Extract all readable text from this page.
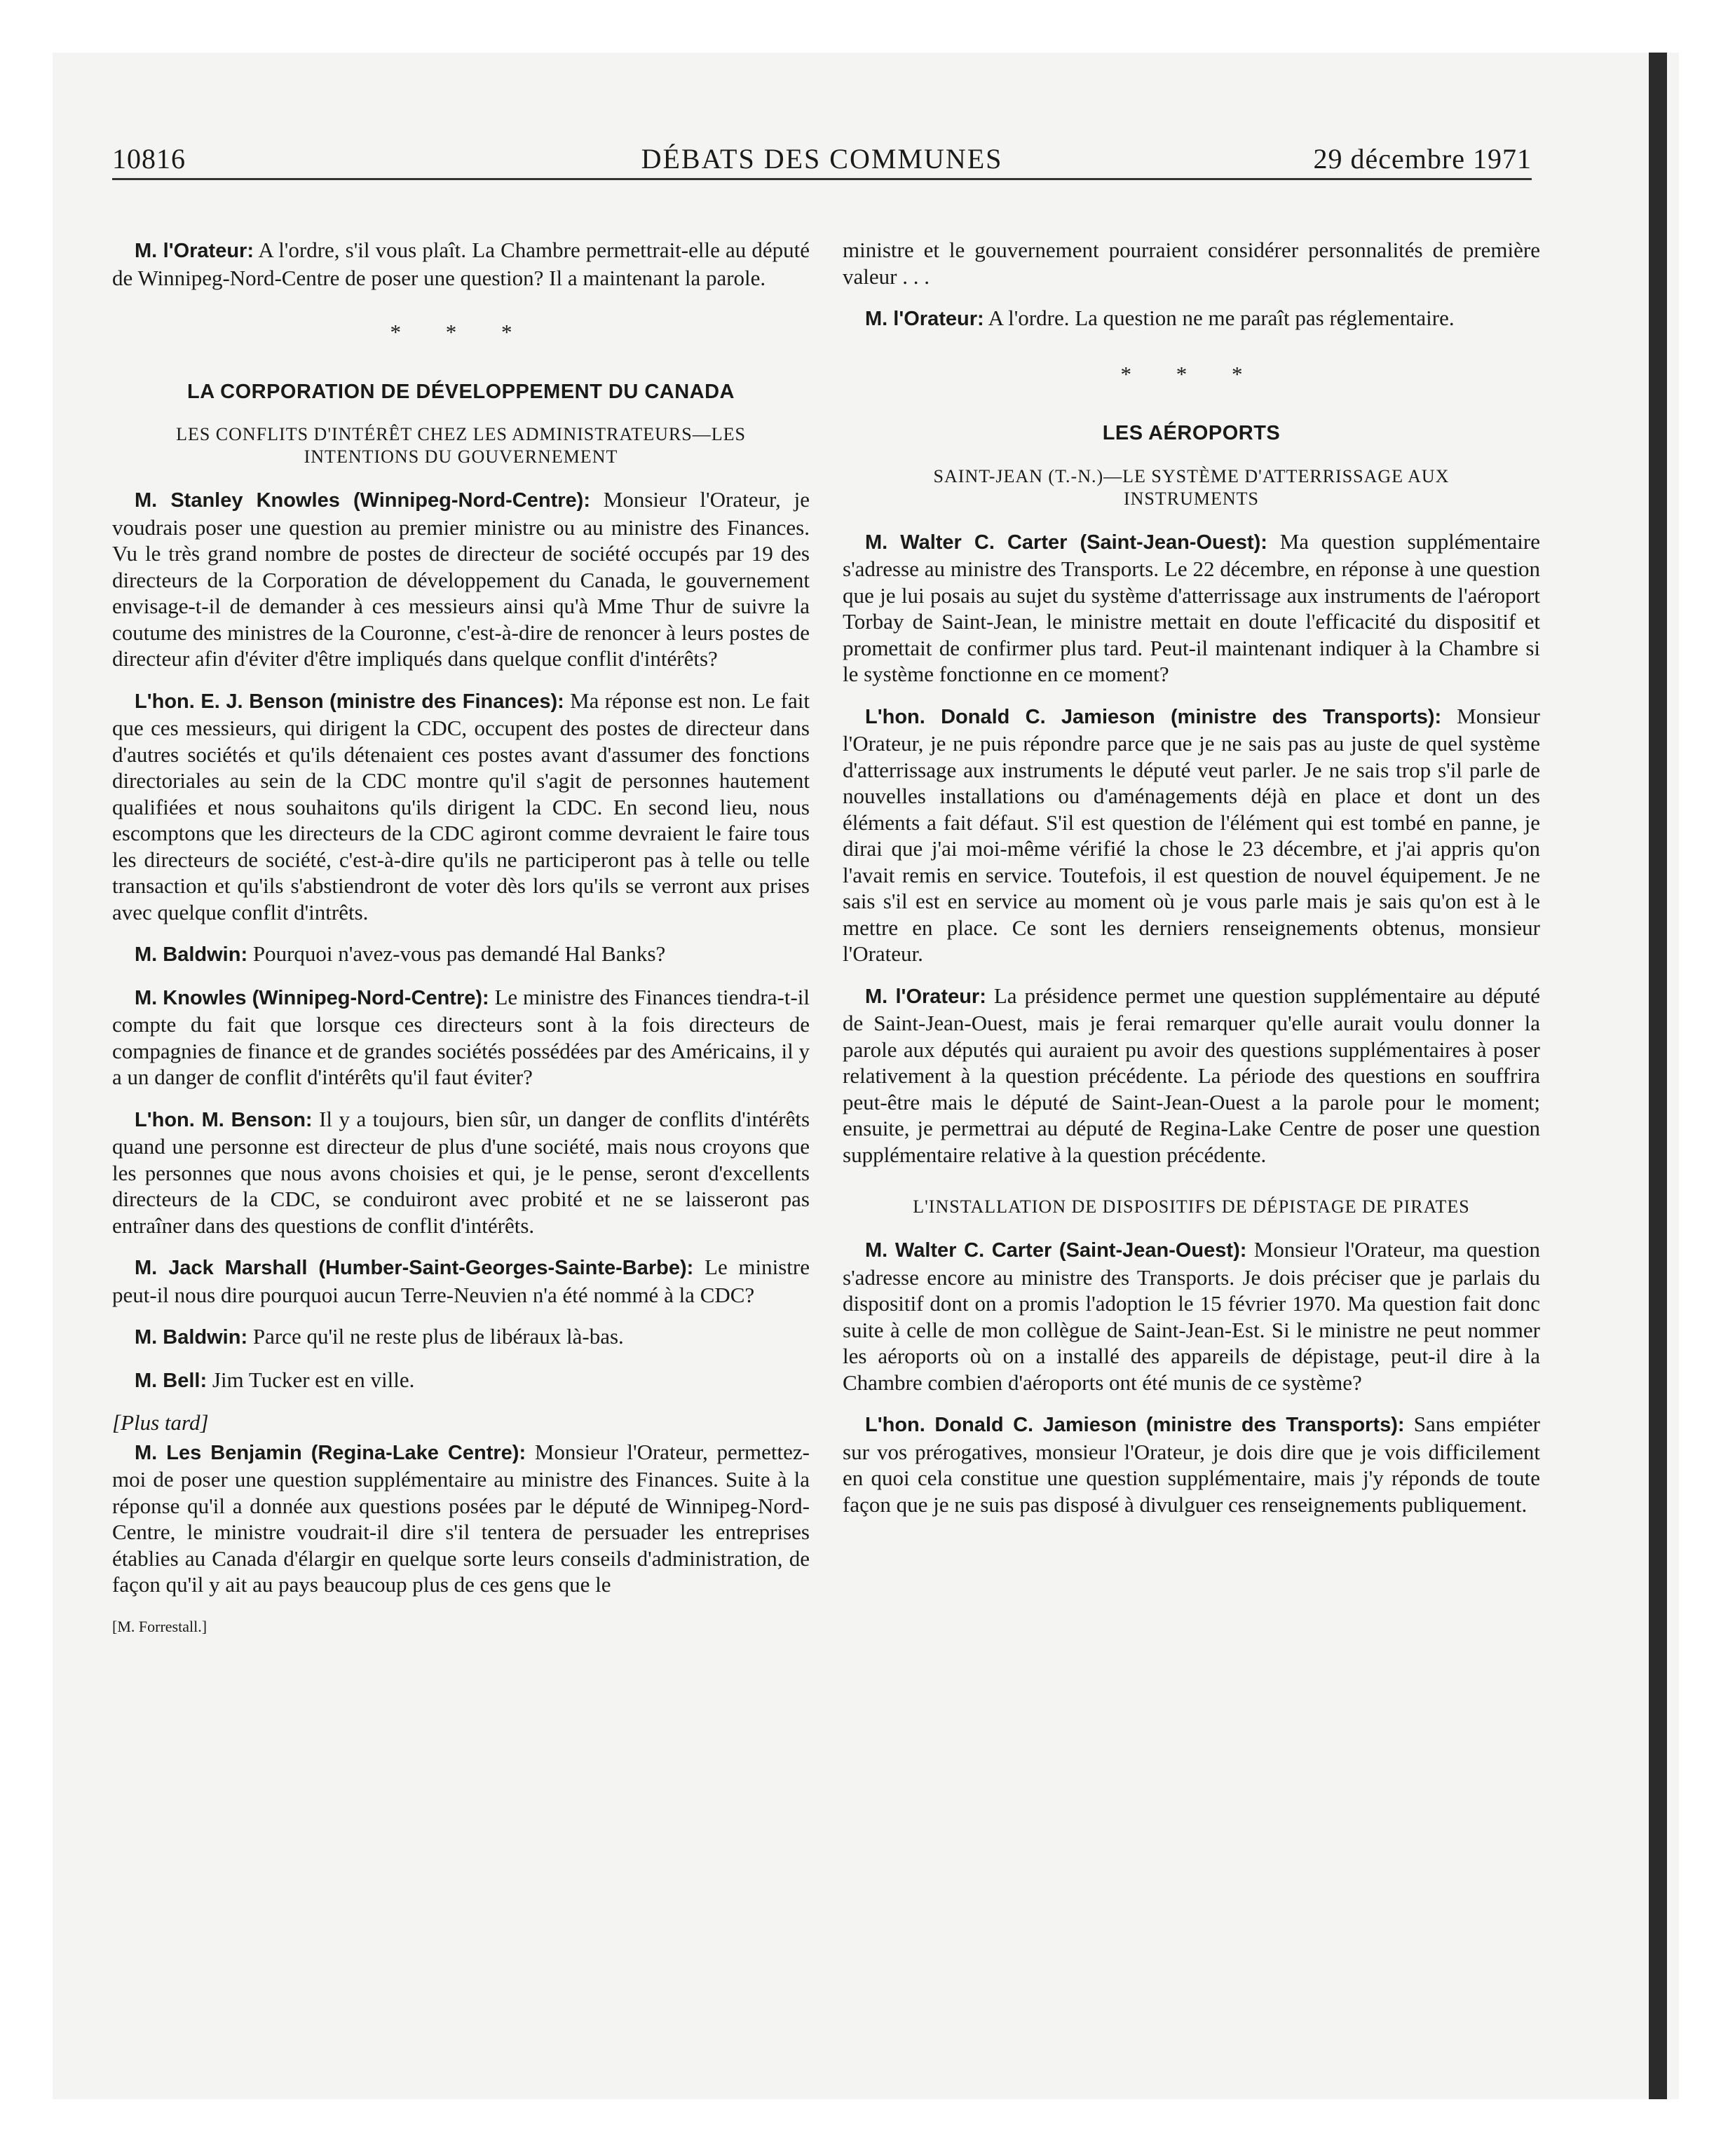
10816	DÉBATS DES COMMUNES	29 décembre 1971

M. l'Orateur: A l'ordre, s'il vous plaît. La Chambre permettrait-elle au député de Winnipeg-Nord-Centre de poser une question? Il a maintenant la parole.

* * *
LA CORPORATION DE DÉVELOPPEMENT DU CANADA
LES CONFLITS D'INTÉRÊT CHEZ LES ADMINISTRATEURS—LES INTENTIONS DU GOUVERNEMENT

M. Stanley Knowles (Winnipeg-Nord-Centre): Monsieur l'Orateur, je voudrais poser une question au premier ministre ou au ministre des Finances. Vu le très grand nombre de postes de directeur de société occupés par 19 des directeurs de la Corporation de développement du Canada, le gouvernement envisage-t-il de demander à ces messieurs ainsi qu'à Mme Thur de suivre la coutume des ministres de la Couronne, c'est-à-dire de renoncer à leurs postes de directeur afin d'éviter d'être impliqués dans quelque conflit d'intérêts?

L'hon. E. J. Benson (ministre des Finances): Ma réponse est non. Le fait que ces messieurs, qui dirigent la CDC, occupent des postes de directeur dans d'autres sociétés et qu'ils détenaient ces postes avant d'assumer des fonctions directoriales au sein de la CDC montre qu'il s'agit de personnes hautement qualifiées et nous souhaitons qu'ils dirigent la CDC. En second lieu, nous escomptons que les directeurs de la CDC agiront comme devraient le faire tous les directeurs de société, c'est-à-dire qu'ils ne participeront pas à telle ou telle transaction et qu'ils s'abstiendront de voter dès lors qu'ils se verront aux prises avec quelque conflit d'intrêts.

M. Baldwin: Pourquoi n'avez-vous pas demandé Hal Banks?

M. Knowles (Winnipeg-Nord-Centre): Le ministre des Finances tiendra-t-il compte du fait que lorsque ces directeurs sont à la fois directeurs de compagnies de finance et de grandes sociétés possédées par des Américains, il y a un danger de conflit d'intérêts qu'il faut éviter?

L'hon. M. Benson: Il y a toujours, bien sûr, un danger de conflits d'intérêts quand une personne est directeur de plus d'une société, mais nous croyons que les personnes que nous avons choisies et qui, je le pense, seront d'excellents directeurs de la CDC, se conduiront avec probité et ne se laisseront pas entraîner dans des questions de conflit d'intérêts.

M. Jack Marshall (Humber-Saint-Georges-Sainte-Barbe): Le ministre peut-il nous dire pourquoi aucun Terre-Neuvien n'a été nommé à la CDC?

M. Baldwin: Parce qu'il ne reste plus de libéraux là-bas.

M. Bell: Jim Tucker est en ville.

[Plus tard]

M. Les Benjamin (Regina-Lake Centre): Monsieur l'Orateur, permettez-moi de poser une question supplémentaire au ministre des Finances. Suite à la réponse qu'il a donnée aux questions posées par le député de Winnipeg-Nord-Centre, le ministre voudrait-il dire s'il tentera de persuader les entreprises établies au Canada d'élargir en quelque sorte leurs conseils d'administration, de façon qu'il y ait au pays beaucoup plus de ces gens que le

[M. Forrestall.]

ministre et le gouvernement pourraient considérer personnalités de première valeur . . .

M. l'Orateur: A l'ordre. La question ne me paraît pas réglementaire.

* * *
LES AÉROPORTS
SAINT-JEAN (T.-N.)—LE SYSTÈME D'ATTERRISSAGE AUX INSTRUMENTS

M. Walter C. Carter (Saint-Jean-Ouest): Ma question supplémentaire s'adresse au ministre des Transports. Le 22 décembre, en réponse à une question que je lui posais au sujet du système d'atterrissage aux instruments de l'aéroport Torbay de Saint-Jean, le ministre mettait en doute l'efficacité du dispositif et promettait de confirmer plus tard. Peut-il maintenant indiquer à la Chambre si le système fonctionne en ce moment?

L'hon. Donald C. Jamieson (ministre des Transports): Monsieur l'Orateur, je ne puis répondre parce que je ne sais pas au juste de quel système d'atterrissage aux instruments le député veut parler. Je ne sais trop s'il parle de nouvelles installations ou d'aménagements déjà en place et dont un des éléments a fait défaut. S'il est question de l'élément qui est tombé en panne, je dirai que j'ai moi-même vérifié la chose le 23 décembre, et j'ai appris qu'on l'avait remis en service. Toutefois, il est question de nouvel équipement. Je ne sais s'il est en service au moment où je vous parle mais je sais qu'on est à le mettre en place. Ce sont les derniers renseignements obtenus, monsieur l'Orateur.

M. l'Orateur: La présidence permet une question supplémentaire au député de Saint-Jean-Ouest, mais je ferai remarquer qu'elle aurait voulu donner la parole aux députés qui auraient pu avoir des questions supplémentaires à poser relativement à la question précédente. La période des questions en souffrira peut-être mais le député de Saint-Jean-Ouest a la parole pour le moment; ensuite, je permettrai au député de Regina-Lake Centre de poser une question supplémentaire relative à la question précédente.

L'INSTALLATION DE DISPOSITIFS DE DÉPISTAGE DE PIRATES

M. Walter C. Carter (Saint-Jean-Ouest): Monsieur l'Orateur, ma question s'adresse encore au ministre des Transports. Je dois préciser que je parlais du dispositif dont on a promis l'adoption le 15 février 1970. Ma question fait donc suite à celle de mon collègue de Saint-Jean-Est. Si le ministre ne peut nommer les aéroports où on a installé des appareils de dépistage, peut-il dire à la Chambre combien d'aéroports ont été munis de ce système?

L'hon. Donald C. Jamieson (ministre des Transports): Sans empiéter sur vos prérogatives, monsieur l'Orateur, je dois dire que je vois difficilement en quoi cela constitue une question supplémentaire, mais j'y réponds de toute façon que je ne suis pas disposé à divulguer ces renseignements publiquement.
